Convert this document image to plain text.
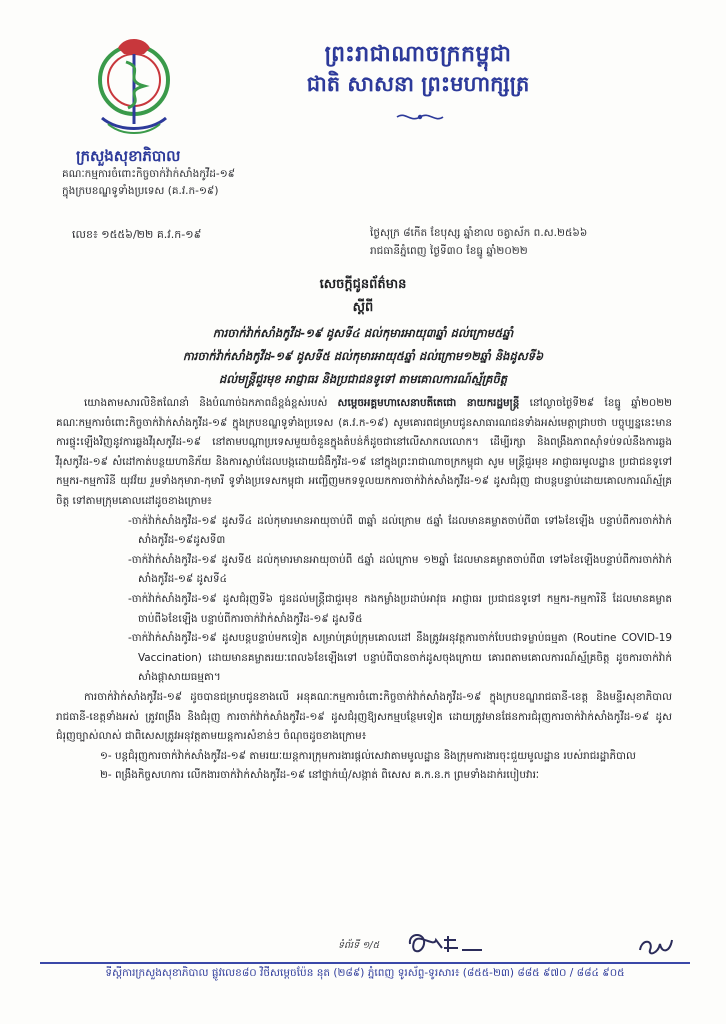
ព្រះរាជាណាចក្រកម្ពុជា
ជាតិ សាសនា ព្រះមហាក្សត្រ
ក្រសួងសុខាភិបាល
គណៈកម្មការចំពោះកិច្ចចាក់វ៉ាក់សាំងកូវីដ-១៩
ក្នុងក្របខណ្ឌទូទាំងប្រទេស (គ.វ.ក-១៩)
លេខ៖ ១៥៥៦/២២ គ.វ.ក-១៩	ថ្ងៃសុក្រ ៨កើត ខែបុស្ស ឆ្នាំខាល ចត្វាស័ក ព.ស.២៥៦៦
រាជធានីភ្នំពេញ ថ្ងៃទី៣០ ខែធ្នូ ឆ្នាំ២០២២
សេចក្តីជូនព័ត៌មាន
ស្តីពី
ការចាក់វ៉ាក់សាំងកូវីដ-១៩ ដូសទី៤ ដល់កុមារអាយុ៣ឆ្នាំ ដល់ក្រោម៥ឆ្នាំ
ការចាក់វ៉ាក់សាំងកូវីដ-១៩ ដូសទី៥ ដល់កុមារអាយុ៥ឆ្នាំ ដល់ក្រោម១២ឆ្នាំ និងដូសទី៦
ដល់មន្ត្រីជួរមុខ អាជ្ញាធរ និងប្រជាជនទូទៅ តាមគោលការណ៍ស្ម័គ្រចិត្ត

យោងតាមសារលិខិតណែនាំ និងបំណាច់ឯកភាពដ៏ខ្ពង់ខ្ពស់របស់ សម្តេចអគ្គមហាសេនាបតីតេជោ នាយករដ្ឋមន្ត្រី នៅល្ងាចថ្ងៃទី២៩ ខែធ្នូ ឆ្នាំ២០២២ គណៈកម្មការចំពោះកិច្ចចាក់វ៉ាក់សាំងកូវីដ-១៩ ក្នុងក្របខណ្ឌទូទាំងប្រទេស (គ.វ.ក-១៩) សូមគោរពជម្រាបជូនសាធារណជនទាំងអស់មេត្តាជ្រាបថា បច្ចុប្បន្ននេះមានការផ្ទុះឡើងវិញនូវការឆ្លងវីរុសកូវីដ-១៩ នៅតាមបណ្តាប្រទេសមួយចំនួនក្នុងតំបន់ក៏ដូចជានៅលើសាកលលោក។ ដើម្បីរក្សា និងពង្រឹងភាពស៊ាំទប់ទល់នឹងការឆ្លងវីរុសកូវីដ-១៩ សំដៅកាត់បន្ថយហានិភ័យ និងការស្លាប់ដែលបង្កដោយជំងឺកូវីដ-១៩ នៅក្នុងព្រះរាជាណាចក្រកម្ពុជា សូម មន្ត្រីជួរមុខ អាជ្ញាធរមូលដ្ឋាន ប្រជាជនទូទៅ កម្មករ-កម្មការិនី យុវវ័យ រួមទាំងកុមារា-កុមារី ទូទាំងប្រទេសកម្ពុជា អញ្ជើញមកទទួលយកការចាក់វ៉ាក់សាំងកូវីដ-១៩ ដូសជំរុញ ជាបន្តបន្ទាប់ដោយគោលការណ៍ស្ម័គ្រចិត្ត ទៅតាមក្រុមគោលដៅដូចខាងក្រោម៖

-ចាក់វ៉ាក់សាំងកូវីដ-១៩ ដូសទី៤ ដល់កុមារមានអាយុចាប់ពី ៣ឆ្នាំ ដល់ក្រោម ៥ឆ្នាំ ដែលមានគម្លាតចាប់ពី៣ ទៅ៦ខែឡើង បន្ទាប់ពីការចាក់វ៉ាក់សាំងកូវីដ-១៩ដូសទី៣

-ចាក់វ៉ាក់សាំងកូវីដ-១៩ ដូសទី៥ ដល់កុមារមានអាយុចាប់ពី ៥ឆ្នាំ ដល់ក្រោម ១២ឆ្នាំ ដែលមានគម្លាតចាប់ពី៣ ទៅ៦ខែឡើងបន្ទាប់ពីការចាក់វ៉ាក់សាំងកូវីដ-១៩ ដូសទី៤

-ចាក់វ៉ាក់សាំងកូវីដ-១៩ ដូសជំរុញទី៦ ជូនដល់មន្ត្រីជាជួរមុខ កងកម្លាំងប្រដាប់អាវុធ អាជ្ញាធរ ប្រជាជនទូទៅ កម្មករ-កម្មការិនី ដែលមានគម្លាតចាប់ពី៦ខែឡើង បន្ទាប់ពីការចាក់វ៉ាក់សាំងកូវីដ-១៩ ដូសទី៥

-ចាក់វ៉ាក់សាំងកូវីដ-១៩ ដូសបន្តបន្ទាប់មកទៀត សម្រាប់គ្រប់ក្រុមគោលដៅ នឹងត្រូវអនុវត្តការចាក់បែបជាទម្លាប់ធម្មតា (Routine COVID-19 Vaccination) ដោយមានគម្លាតរយៈពេល៦ខែឡើងទៅ បន្ទាប់ពីបានចាក់ដូសចុងក្រោយ គោរពតាមគោលការណ៍ស្ម័គ្រចិត្ត ដូចការចាក់វ៉ាក់សាំងផ្តាសាយធម្មតា។

ការចាក់វ៉ាក់សាំងកូវីដ-១៩ ដូចបានជម្រាបជូនខាងលើ អនុគណៈកម្មការចំពោះកិច្ចចាក់វ៉ាក់សាំងកូវីដ-១៩ ក្នុងក្របខណ្ឌរាជធានី-ខេត្ត និងមន្ទីរសុខាភិបាលរាជធានី-ខេត្តទាំងអស់ ត្រូវពង្រឹង និងជំរុញ ការចាក់វ៉ាក់សាំងកូវីដ-១៩ ដូសជំរុញឱ្យសកម្មបន្ថែមទៀត ដោយត្រូវមានផែនការជំរុញការចាក់វ៉ាក់សាំងកូវីដ-១៩ ដូសជំរុញច្បាស់លាស់ ជាពិសេសត្រូវអនុវត្តតាមយន្តការសំខាន់ៗ ចំណុចដូចខាងក្រោម៖

១- បន្តជំរុញការចាក់វ៉ាក់សាំងកូវីដ-១៩ តាមរយៈយន្តការក្រុមការងារផ្តល់សេវាតាមមូលដ្ឋាន និងក្រុមការងារចុះជួយមូលដ្ឋាន របស់រាជរដ្ឋាភិបាល

២- ពង្រឹងកិច្ចសហការ លើកងារចាក់វ៉ាក់សាំងកូវីដ-១៩ នៅថ្នាក់ឃុំ/សង្កាត់ ពិសេស គ.ក.ន.ក ព្រមទាំងដាក់របៀបវារៈ

ទំព័រទី ១/៥
ទីស្តីការក្រសួងសុខាភិបាល ផ្លូវលេខ៨០ វិថីសម្តេចប៉ែន នុត (២៨៩) ភ្នំពេញ ទូរស័ព្ទ-ទូរសារ៖ (៨៥៥-២៣) ៨៨៥ ៩៧០ / ៨៨៤ ៩០៥
